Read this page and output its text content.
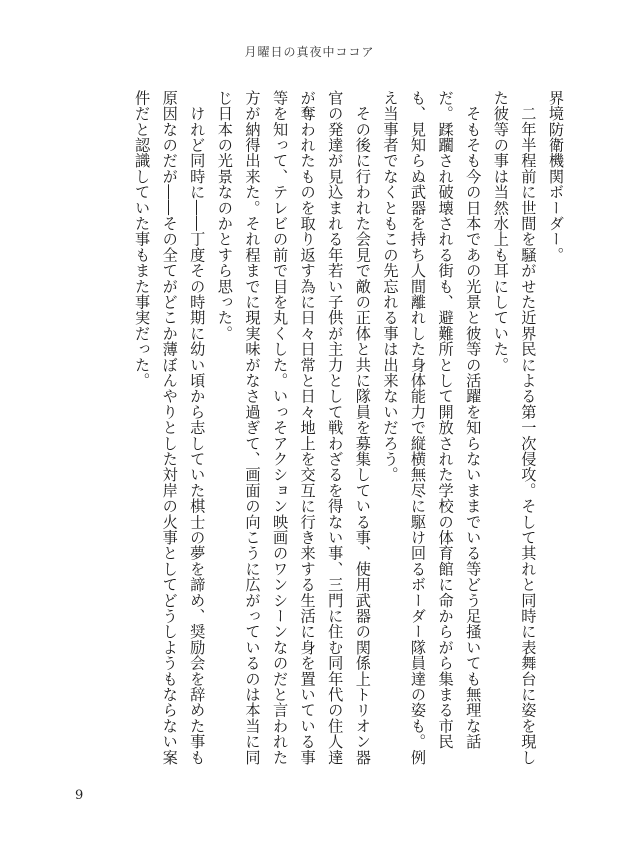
月曜日の真夜中ココア

界境防衛機関ボーダー。

　二年半程前に世間を騒がせた近界民による第一次侵攻。そして其れと同時に表舞台に姿を現した彼等の事は当然水上も耳にしていた。

　そもそも今の日本であの光景と彼等の活躍を知らないままでいる等どう足掻いても無理な話だ。蹂躙され破壊される街も、避難所として開放された学校の体育館に命からがら集まる市民も、見知らぬ武器を持ち人間離れした身体能力で縦横無尽に駆け回るボーダー隊員達の姿も。例え当事者でなくともこの先忘れる事は出来ないだろう。

　その後に行われた会見で敵の正体と共に隊員を募集している事、使用武器の関係上トリオン器官の発達が見込まれる年若い子供が主力として戦わざるを得ない事、三門に住む同年代の住人達が奪われたものを取り返す為に日々日常と日々地上を交互に行き来する生活に身を置いている事等を知って、テレビの前で目を丸くした。いっそアクション映画のワンシーンなのだと言われた方が納得出来た。それ程までに現実味がなさ過ぎて、画面の向こうに広がっているのは本当に同じ日本の光景なのかとすら思った。

　けれど同時に――丁度その時期に幼い頃から志していた棋士の夢を諦め、奨励会を辞めた事も原因なのだが――その全てがどこか薄ぼんやりとした対岸の火事としてどうしようもならない案件だと認識していた事もまた事実だった。

9
